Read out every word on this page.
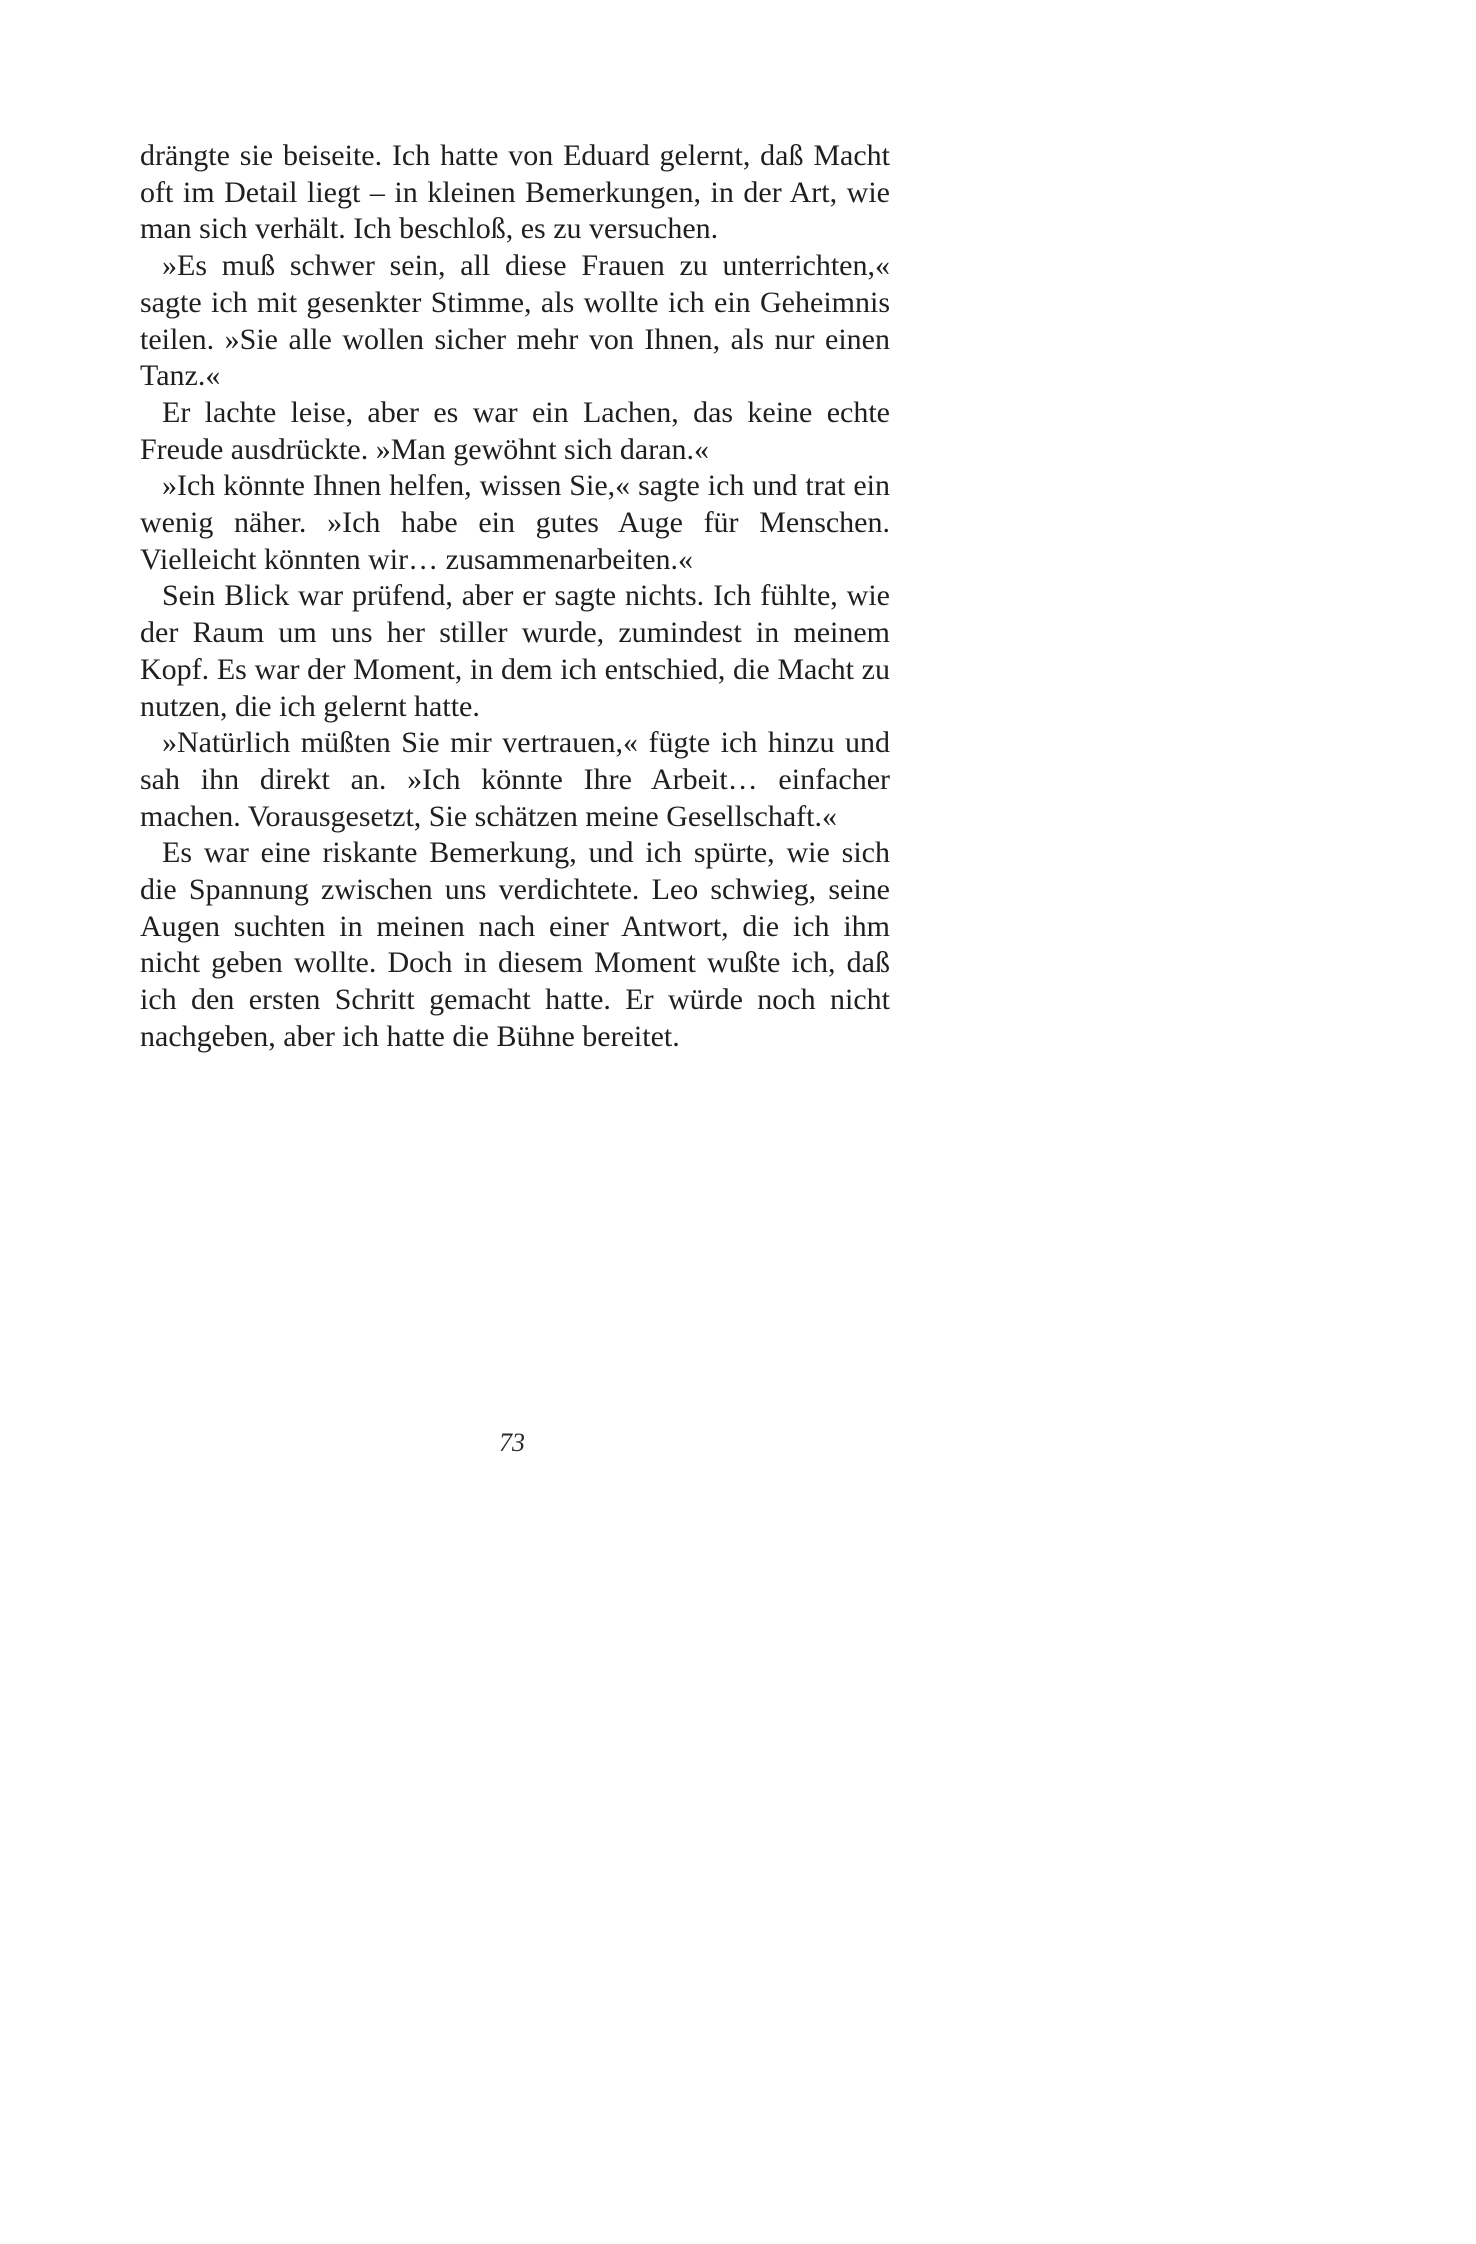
drängte sie beiseite. Ich hatte von Eduard gelernt, daß Macht oft im Detail liegt – in kleinen Bemerkungen, in der Art, wie man sich verhält. Ich beschloß, es zu versuchen.

»Es muß schwer sein, all diese Frauen zu unterrichten,« sagte ich mit gesenkter Stimme, als wollte ich ein Geheimnis teilen. »Sie alle wollen sicher mehr von Ihnen, als nur einen Tanz.«

Er lachte leise, aber es war ein Lachen, das keine echte Freude ausdrückte. »Man gewöhnt sich daran.«

»Ich könnte Ihnen helfen, wissen Sie,« sagte ich und trat ein wenig näher. »Ich habe ein gutes Auge für Menschen. Vielleicht könnten wir… zusammenarbeiten.«

Sein Blick war prüfend, aber er sagte nichts. Ich fühlte, wie der Raum um uns her stiller wurde, zumindest in meinem Kopf. Es war der Moment, in dem ich entschied, die Macht zu nutzen, die ich gelernt hatte.

»Natürlich müßten Sie mir vertrauen,« fügte ich hinzu und sah ihn direkt an. »Ich könnte Ihre Arbeit… einfacher machen. Vorausgesetzt, Sie schätzen meine Gesellschaft.«

Es war eine riskante Bemerkung, und ich spürte, wie sich die Spannung zwischen uns verdichtete. Leo schwieg, seine Augen suchten in meinen nach einer Antwort, die ich ihm nicht geben wollte. Doch in diesem Moment wußte ich, daß ich den ersten Schritt gemacht hatte. Er würde noch nicht nachgeben, aber ich hatte die Bühne bereitet.

73
